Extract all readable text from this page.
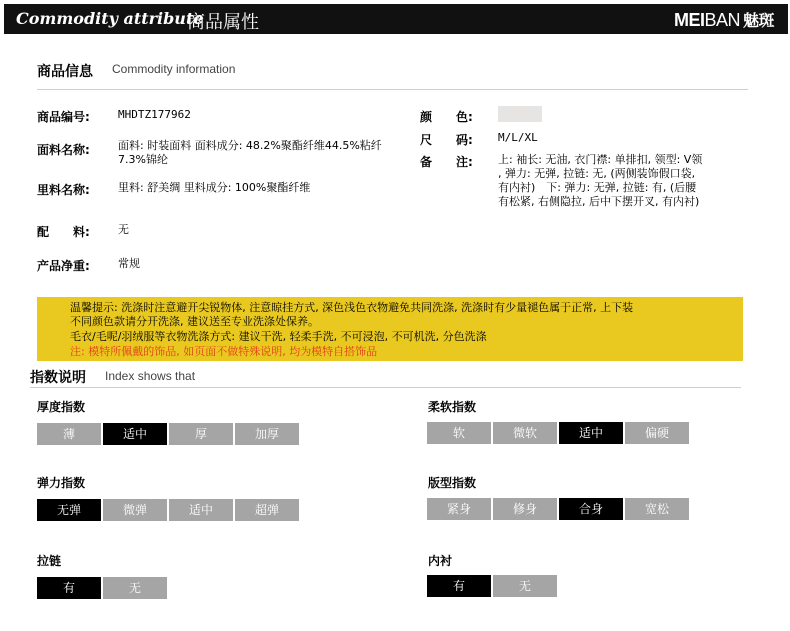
Commodity attribute
商品属性	MEIBAN 魅斑
商品信息 Commodity information
商品编号:	MHDTZ177962
面料名称:	面料: 时装面料 面料成分: 48.2%聚酯纤维44.5%粘纤
7.3%锦纶
里料名称:	里料: 舒美绸 里料成分: 100%聚酯纤维
配　　料:	无
产品净重:	常规
颜　　色:
尺　　码: M/L/XL
备　　注: 上: 袖长: 无油, 衣门襟: 单排扣, 领型: V领
, 弹力: 无弹, 拉链: 无, (两侧装饰假口袋,
有内衬)　下: 弹力: 无弹, 拉链: 有, (后腰
有松紧, 右侧隐拉, 后中下摆开叉, 有内衬)
温馨提示: 洗涤时注意避开尖锐物体, 注意晾挂方式, 深色浅色衣物避免共同洗涤, 洗涤时有少量褪色属于正常, 上下装
不同颜色款请分开洗涤, 建议送至专业洗涤处保养。
毛衣/毛呢/羽绒服等衣物洗涤方式: 建议干洗, 轻柔手洗, 不可浸泡, 不可机洗, 分色洗涤
注: 模特所佩戴的饰品, 如页面不做特殊说明, 均为模特自搭饰品
指数说明 Index shows that
厚度指数
薄	适中	厚	加厚
柔软指数
软	微软	适中	偏硬
弹力指数
无弹	微弹	适中	超弹
版型指数
紧身	修身	合身	宽松
拉链
有	无
内衬
有	无
